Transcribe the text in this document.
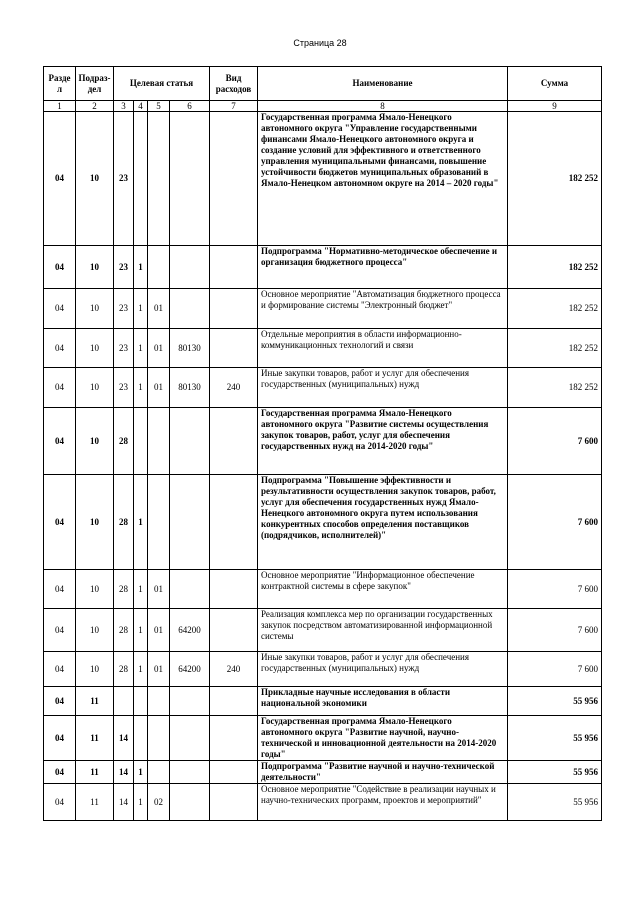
Страница 28
Разде л	Подраз- дел	Целевая статья				Вид расходов	Наименование	Сумма
1	2	3	4	5	6	7	8	9
04	10	23					Государственная программа Ямало-Ненецкого автономного округа "Управление государственными финансами Ямало-Ненецкого автономного округа и создание условий для эффективного и ответственного управления муниципальными финансами, повышение устойчивости бюджетов муниципальных образований в Ямало-Ненецком автономном округе на 2014 – 2020 годы"	182 252
04	10	23	1				Подпрограмма "Нормативно-методическое обеспечение и организация бюджетного процесса"	182 252
04	10	23	1	01			Основное мероприятие "Автоматизация бюджетного процесса и формирование системы "Электронный бюджет"	182 252
04	10	23	1	01	80130		Отдельные мероприятия в области информационно-коммуникационных технологий и связи	182 252
04	10	23	1	01	80130	240	Иные закупки товаров, работ и услуг для обеспечения государственных (муниципальных) нужд	182 252
04	10	28					Государственная программа Ямало-Ненецкого автономного округа "Развитие системы осуществления закупок товаров, работ, услуг для обеспечения государственных нужд на 2014-2020 годы"	7 600
04	10	28	1				Подпрограмма "Повышение эффективности и результативности осуществления закупок товаров, работ, услуг для обеспечения государственных нужд Ямало-Ненецкого автономного округа путем использования конкурентных способов определения поставщиков (подрядчиков, исполнителей)"	7 600
04	10	28	1	01			Основное мероприятие "Информационное обеспечение контрактной системы в сфере закупок"	7 600
04	10	28	1	01	64200		Реализация комплекса мер по организации государственных закупок посредством автоматизированной информационной системы	7 600
04	10	28	1	01	64200	240	Иные закупки товаров, работ и услуг для обеспечения государственных (муниципальных) нужд	7 600
04	11						Прикладные научные исследования в области национальной экономики	55 956
04	11	14					Государственная программа Ямало-Ненецкого автономного округа "Развитие научной, научно-технической и инновационной деятельности на 2014-2020 годы"	55 956
04	11	14	1				Подпрограмма "Развитие научной и научно-технической деятельности"	55 956
04	11	14	1	02			Основное мероприятие "Содействие в реализации научных и научно-технических программ, проектов и мероприятий"	55 956
